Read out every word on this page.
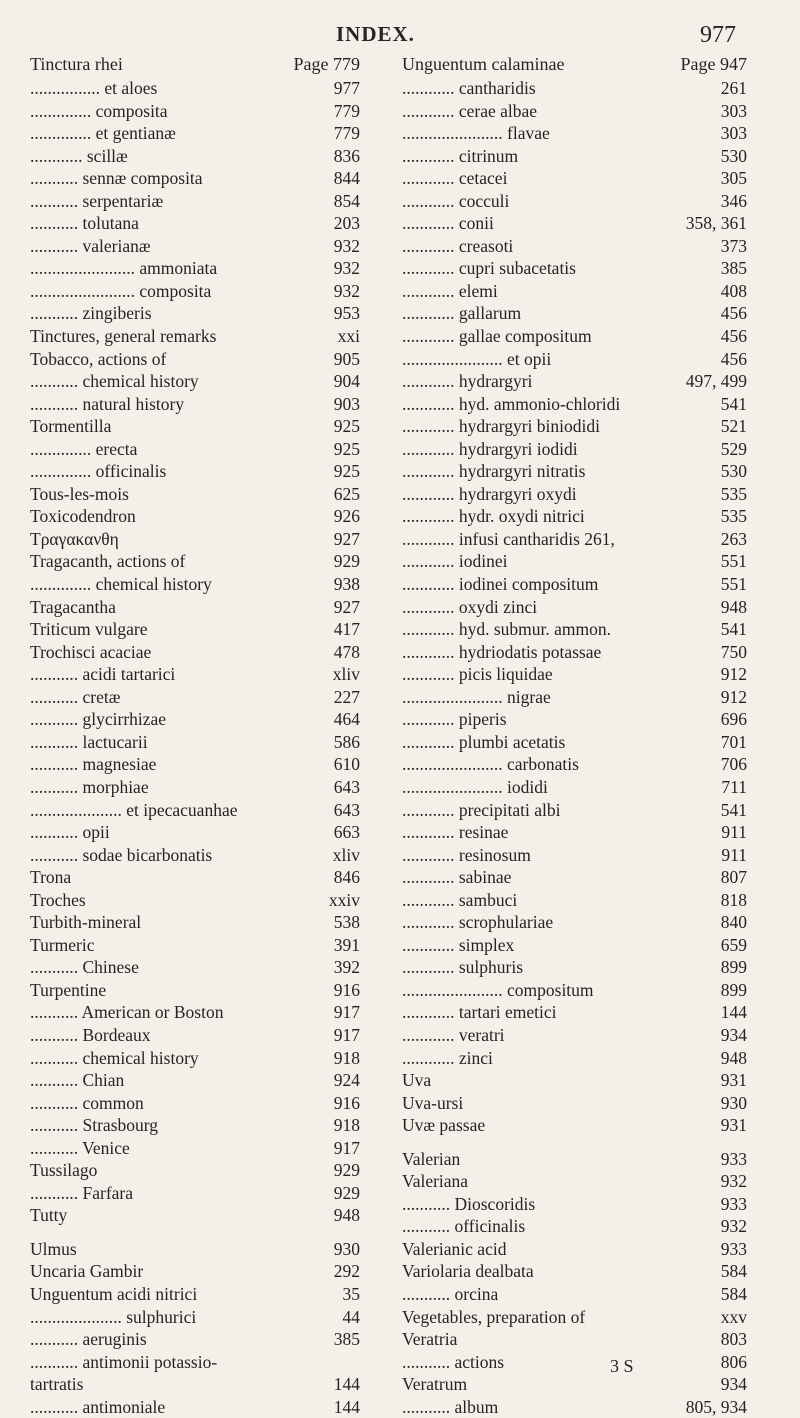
INDEX.	977
Tinctura rhei	Page 779
................ et aloes	977
.............. composita	779
.............. et gentianæ	779
............ scillæ	836
........... sennæ composita	844
........... serpentariæ	854
........... tolutana	203
........... valerianæ	932
........................ ammoniata	932
........................ composita	932
........... zingiberis	953
Tinctures, general remarks	xxi
Tobacco, actions of	905
........... chemical history	904
........... natural history	903
Tormentilla	925
.............. erecta	925
.............. officinalis	925
Tous-les-mois	625
Toxicodendron	926
Τραγακανθη	927
Tragacanth, actions of	929
.............. chemical history	938
Tragacantha	927
Triticum vulgare	417
Trochisci acaciae	478
........... acidi tartarici	xliv
........... cretæ	227
........... glycirrhizae	464
........... lactucarii	586
........... magnesiae	610
........... morphiae	643
..................... et ipecacuanhae	643
........... opii	663
........... sodae bicarbonatis	xliv
Trona	846
Troches	xxiv
Turbith-mineral	538
Turmeric	391
........... Chinese	392
Turpentine	916
........... American or Boston	917
........... Bordeaux	917
........... chemical history	918
........... Chian	924
........... common	916
........... Strasbourg	918
........... Venice	917
Tussilago	929
........... Farfara	929
Tutty	948
Ulmus	930
Uncaria Gambir	292
Unguentum acidi nitrici	35
..................... sulphurici	44
........... aeruginis	385
........... antimonii potassio-
tartratis	144
........... antimoniale	144
Unguentum calaminae	Page 947
............ cantharidis	261
............ cerae albae	303
....................... flavae	303
............ citrinum	530
............ cetacei	305
............ cocculi	346
............ conii	358, 361
............ creasoti	373
............ cupri subacetatis	385
............ elemi	408
............ gallarum	456
............ gallae compositum	456
....................... et opii	456
............ hydrargyri	497, 499
............ hyd. ammonio-chloridi	541
............ hydrargyri biniodidi	521
............ hydrargyri iodidi	529
............ hydrargyri nitratis	530
............ hydrargyri oxydi	535
............ hydr. oxydi nitrici	535
............ infusi cantharidis 261,	263
............ iodinei	551
............ iodinei compositum	551
............ oxydi zinci	948
............ hyd. submur. ammon.	541
............ hydriodatis potassae	750
............ picis liquidae	912
....................... nigrae	912
............ piperis	696
............ plumbi acetatis	701
....................... carbonatis	706
....................... iodidi	711
............ precipitati albi	541
............ resinae	911
............ resinosum	911
............ sabinae	807
............ sambuci	818
............ scrophulariae	840
............ simplex	659
............ sulphuris	899
....................... compositum	899
............ tartari emetici	144
............ veratri	934
............ zinci	948
Uva	931
Uva-ursi	930
Uvæ passae	931
Valerian	933
Valeriana	932
........... Dioscoridis	933
........... officinalis	932
Valerianic acid	933
Variolaria dealbata	584
........... orcina	584
Vegetables, preparation of	xxv
Veratria	803
........... actions	806
Veratrum	934
........... album	805, 934
3 S
